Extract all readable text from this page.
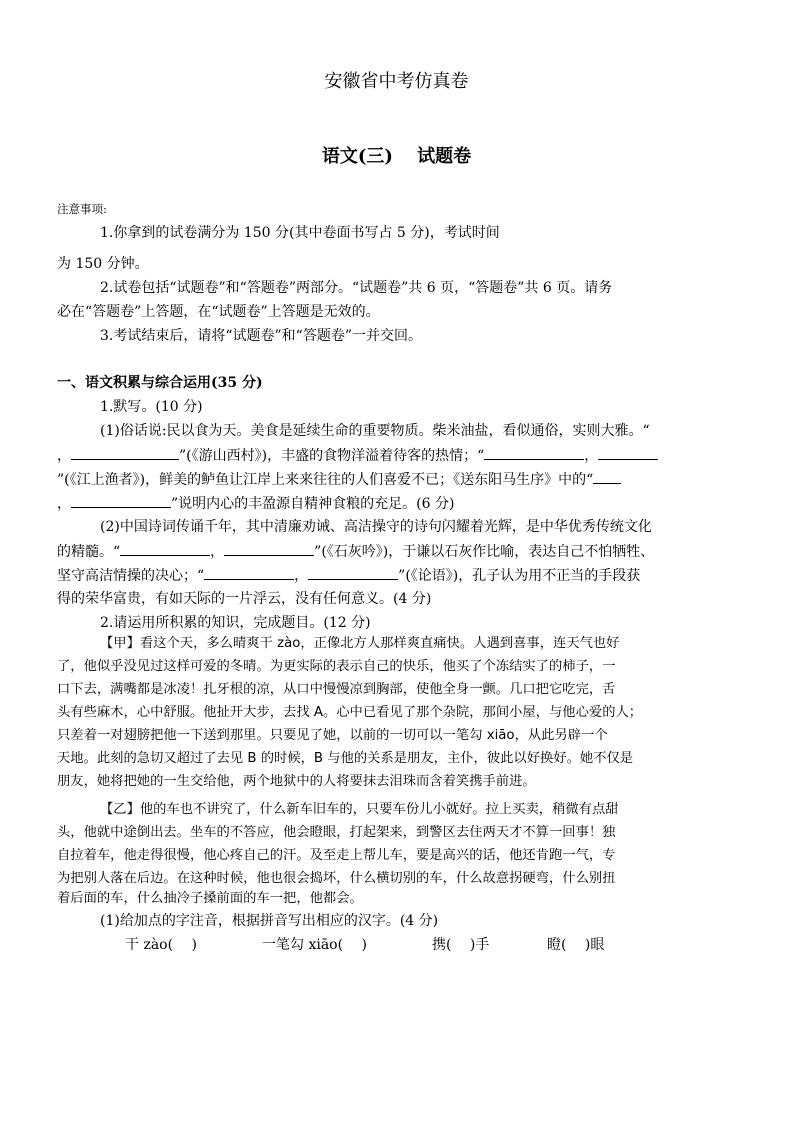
安徽省中考仿真卷
语文(三)　 试题卷
注意事项:
1.你拿到的试卷满分为 150 分(其中卷面书写占 5 分)，考试时间
为 150 分钟。
2.试卷包括“试题卷”和“答题卷”两部分。“试题卷”共 6 页，“答题卷”共 6 页。请务
必在“答题卷”上答题，在“试题卷”上答题是无效的。
3.考试结束后，请将“试题卷”和“答题卷”一并交回。
一、语文积累与综合运用(35 分)
1.默写。(10 分)
(1)俗话说:民以食为天。美食是延续生命的重要物质。柴米油盐，看似通俗，实则大雅。“
，	”(《游山西村》)，丰盛的食物洋溢着待客的热情；“	，
”(《江上渔者》)，鲜美的鲈鱼让江岸上来来往往的人们喜爱不已；《送东阳马生序》中的“
，	”说明内心的丰盈源自精神食粮的充足。(6 分)
(2)中国诗词传诵千年，其中清廉劝诫、高洁操守的诗句闪耀着光辉，是中华优秀传统文化
的精髓。“	，	”(《石灰吟》)，于谦以石灰作比喻，表达自己不怕牺牲、
坚守高洁情操的决心；“	，	”(《论语》)，孔子认为用不正当的手段获
得的荣华富贵，有如天际的一片浮云，没有任何意义。(4 分)
2.请运用所积累的知识，完成题目。(12 分)
【甲】看这个天，多么晴爽干 zào，正像北方人那样爽直痛快。人遇到喜事，连天气也好
了，他似乎没见过这样可爱的冬晴。为更实际的表示自己的快乐，他买了个冻结实了的柿子，一
口下去，满嘴都是冰凌！扎牙根的凉，从口中慢慢凉到胸部，使他全身一颤。几口把它吃完，舌
头有些麻木，心中舒服。他扯开大步，去找 A。心中已看见了那个杂院，那间小屋，与他心爱的人；
只差着一对翅膀把他一下送到那里。只要见了她，以前的一切可以一笔勾 xiāo，从此另辟一个
天地。此刻的急切又超过了去见 B 的时候，B 与他的关系是朋友，主仆，彼此以好换好。她不仅是
朋友，她将把她的一生交给他，两个地狱中的人将要抹去泪珠而含着笑携手前进。
【乙】他的车也不讲究了，什么新车旧车的，只要车份儿小就好。拉上买卖，稍微有点甜
头，他就中途倒出去。坐车的不答应，他会瞪眼，打起架来，到警区去住两天才不算一回事！独
自拉着车，他走得很慢，他心疼自己的汗。及至走上帮儿车，要是高兴的话，他还肯跑一气，专
为把别人落在后边。在这种时候，他也很会捣坏，什么横切别的车，什么故意拐硬弯，什么别扭
着后面的车，什么抽冷子搡前面的车一把，他都会。
(1)给加点的字注音，根据拼音写出相应的汉字。(4 分)
干 zào(　 )	一笔勾 xiāo(　 )	携(　 )手	瞪(　 )眼
